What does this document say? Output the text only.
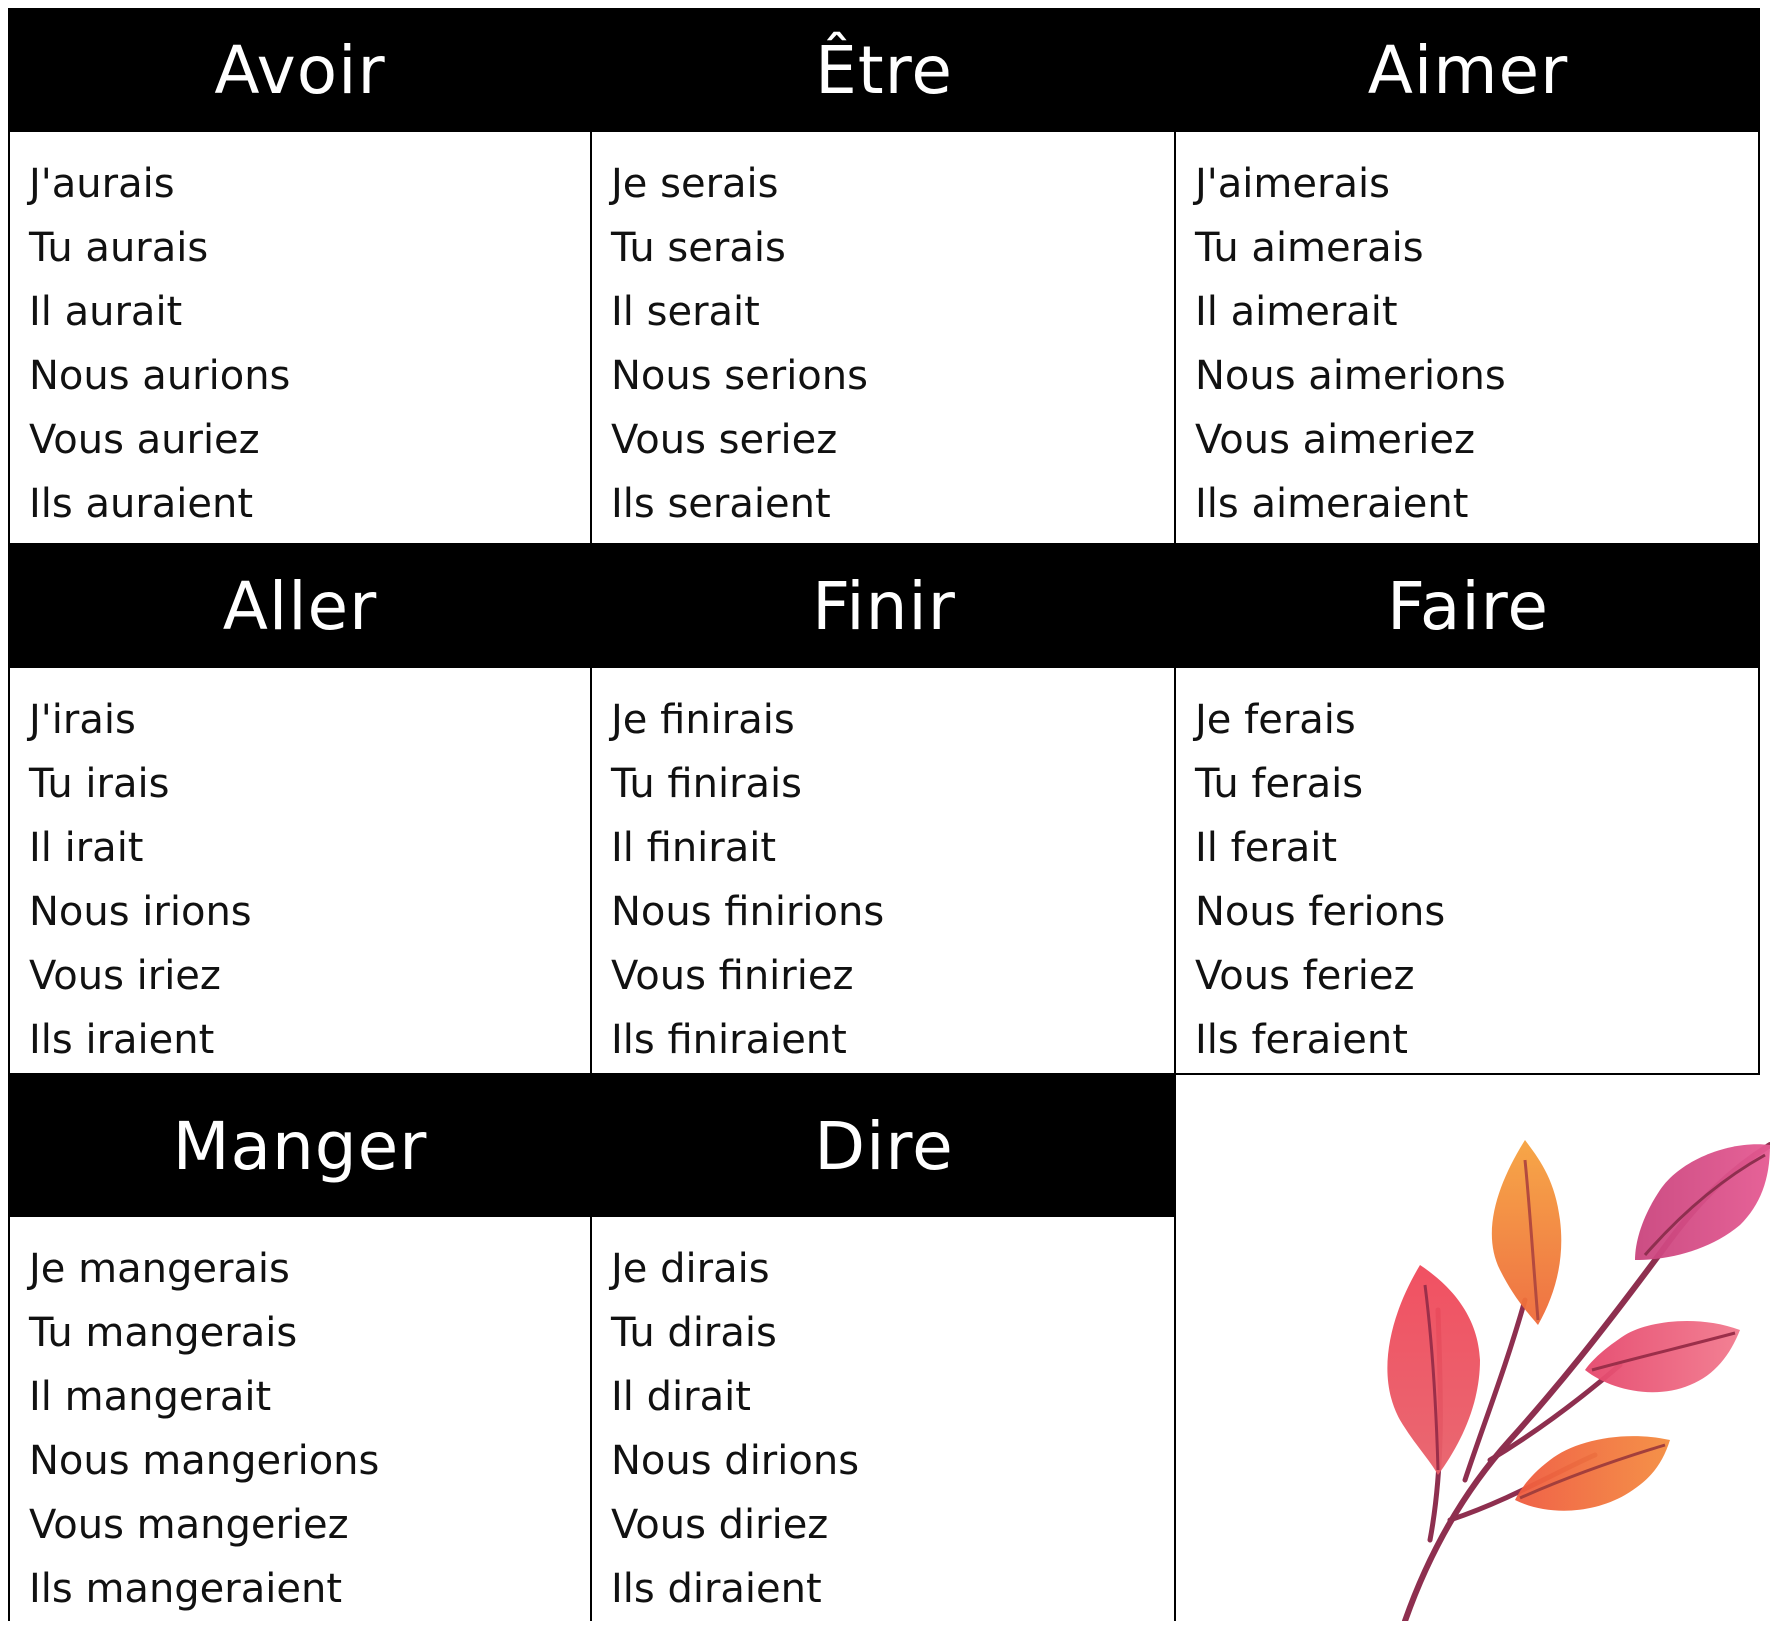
Avoir
J'aurais
Tu aurais
Il aurait
Nous aurions
Vous auriez
Ils auraient
Être
Je serais
Tu serais
Il serait
Nous serions
Vous seriez
Ils seraient
Aimer
J'aimerais
Tu aimerais
Il aimerait
Nous aimerions
Vous aimeriez
Ils aimeraient
Aller
J'irais
Tu irais
Il irait
Nous irions
Vous iriez
Ils iraient
Finir
Je finirais
Tu finirais
Il finirait
Nous finirions
Vous finiriez
Ils finiraient
Faire
Je ferais
Tu ferais
Il ferait
Nous ferions
Vous feriez
Ils feraient
Manger
Je mangerais
Tu mangerais
Il mangerait
Nous mangerions
Vous mangeriez
Ils mangeraient
Dire
Je dirais
Tu dirais
Il dirait
Nous dirions
Vous diriez
Ils diraient
